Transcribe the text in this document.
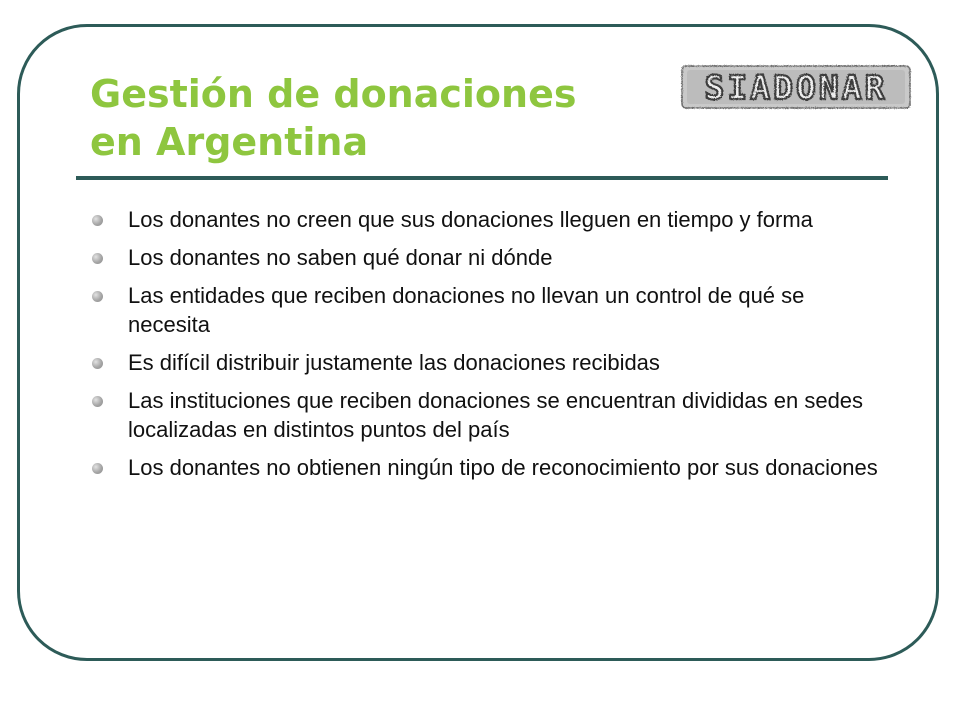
Gestión de donaciones
en Argentina
SIADONAR
Los donantes no creen que sus donaciones lleguen en tiempo y forma
Los donantes no saben qué donar ni dónde
Las entidades que reciben donaciones no llevan un control de qué se necesita
Es difícil distribuir justamente las donaciones recibidas
Las instituciones que reciben donaciones se encuentran divididas en sedes localizadas en distintos puntos del país
Los donantes no obtienen ningún tipo de reconocimiento por sus donaciones
